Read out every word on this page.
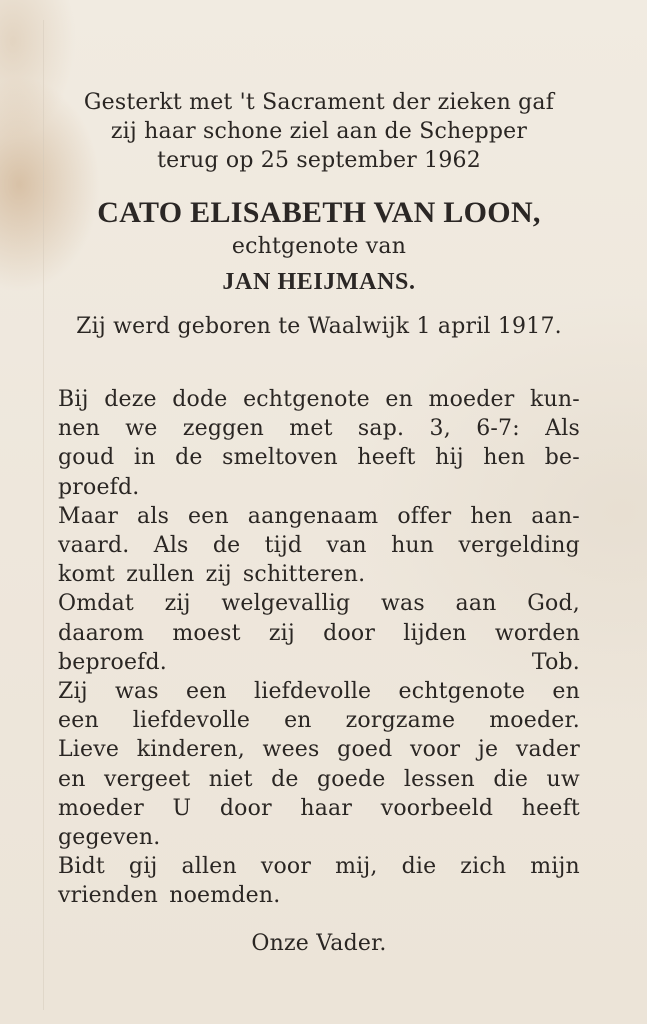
Gesterkt met 't Sacrament der zieken gaf
zij haar schone ziel aan de Schepper
terug op 25 september 1962
CATO ELISABETH VAN LOON,
echtgenote van
JAN HEIJMANS.
Zij werd geboren te Waalwijk 1 april 1917.
Bij deze dode echtgenote en moeder kun-
nen we zeggen met sap. 3, 6-7: Als
goud in de smeltoven heeft hij hen be-
proefd.
Maar als een aangenaam offer hen aan-
vaard. Als de tijd van hun vergelding
komt zullen zij schitteren.
Omdat zij welgevallig was aan God,
daarom moest zij door lijden worden
beproefd.	Tob.
Zij was een liefdevolle echtgenote en
een liefdevolle en zorgzame moeder.
Lieve kinderen, wees goed voor je vader
en vergeet niet de goede lessen die uw
moeder U door haar voorbeeld heeft
gegeven.
Bidt gij allen voor mij, die zich mijn
vrienden noemden.
Onze Vader.
